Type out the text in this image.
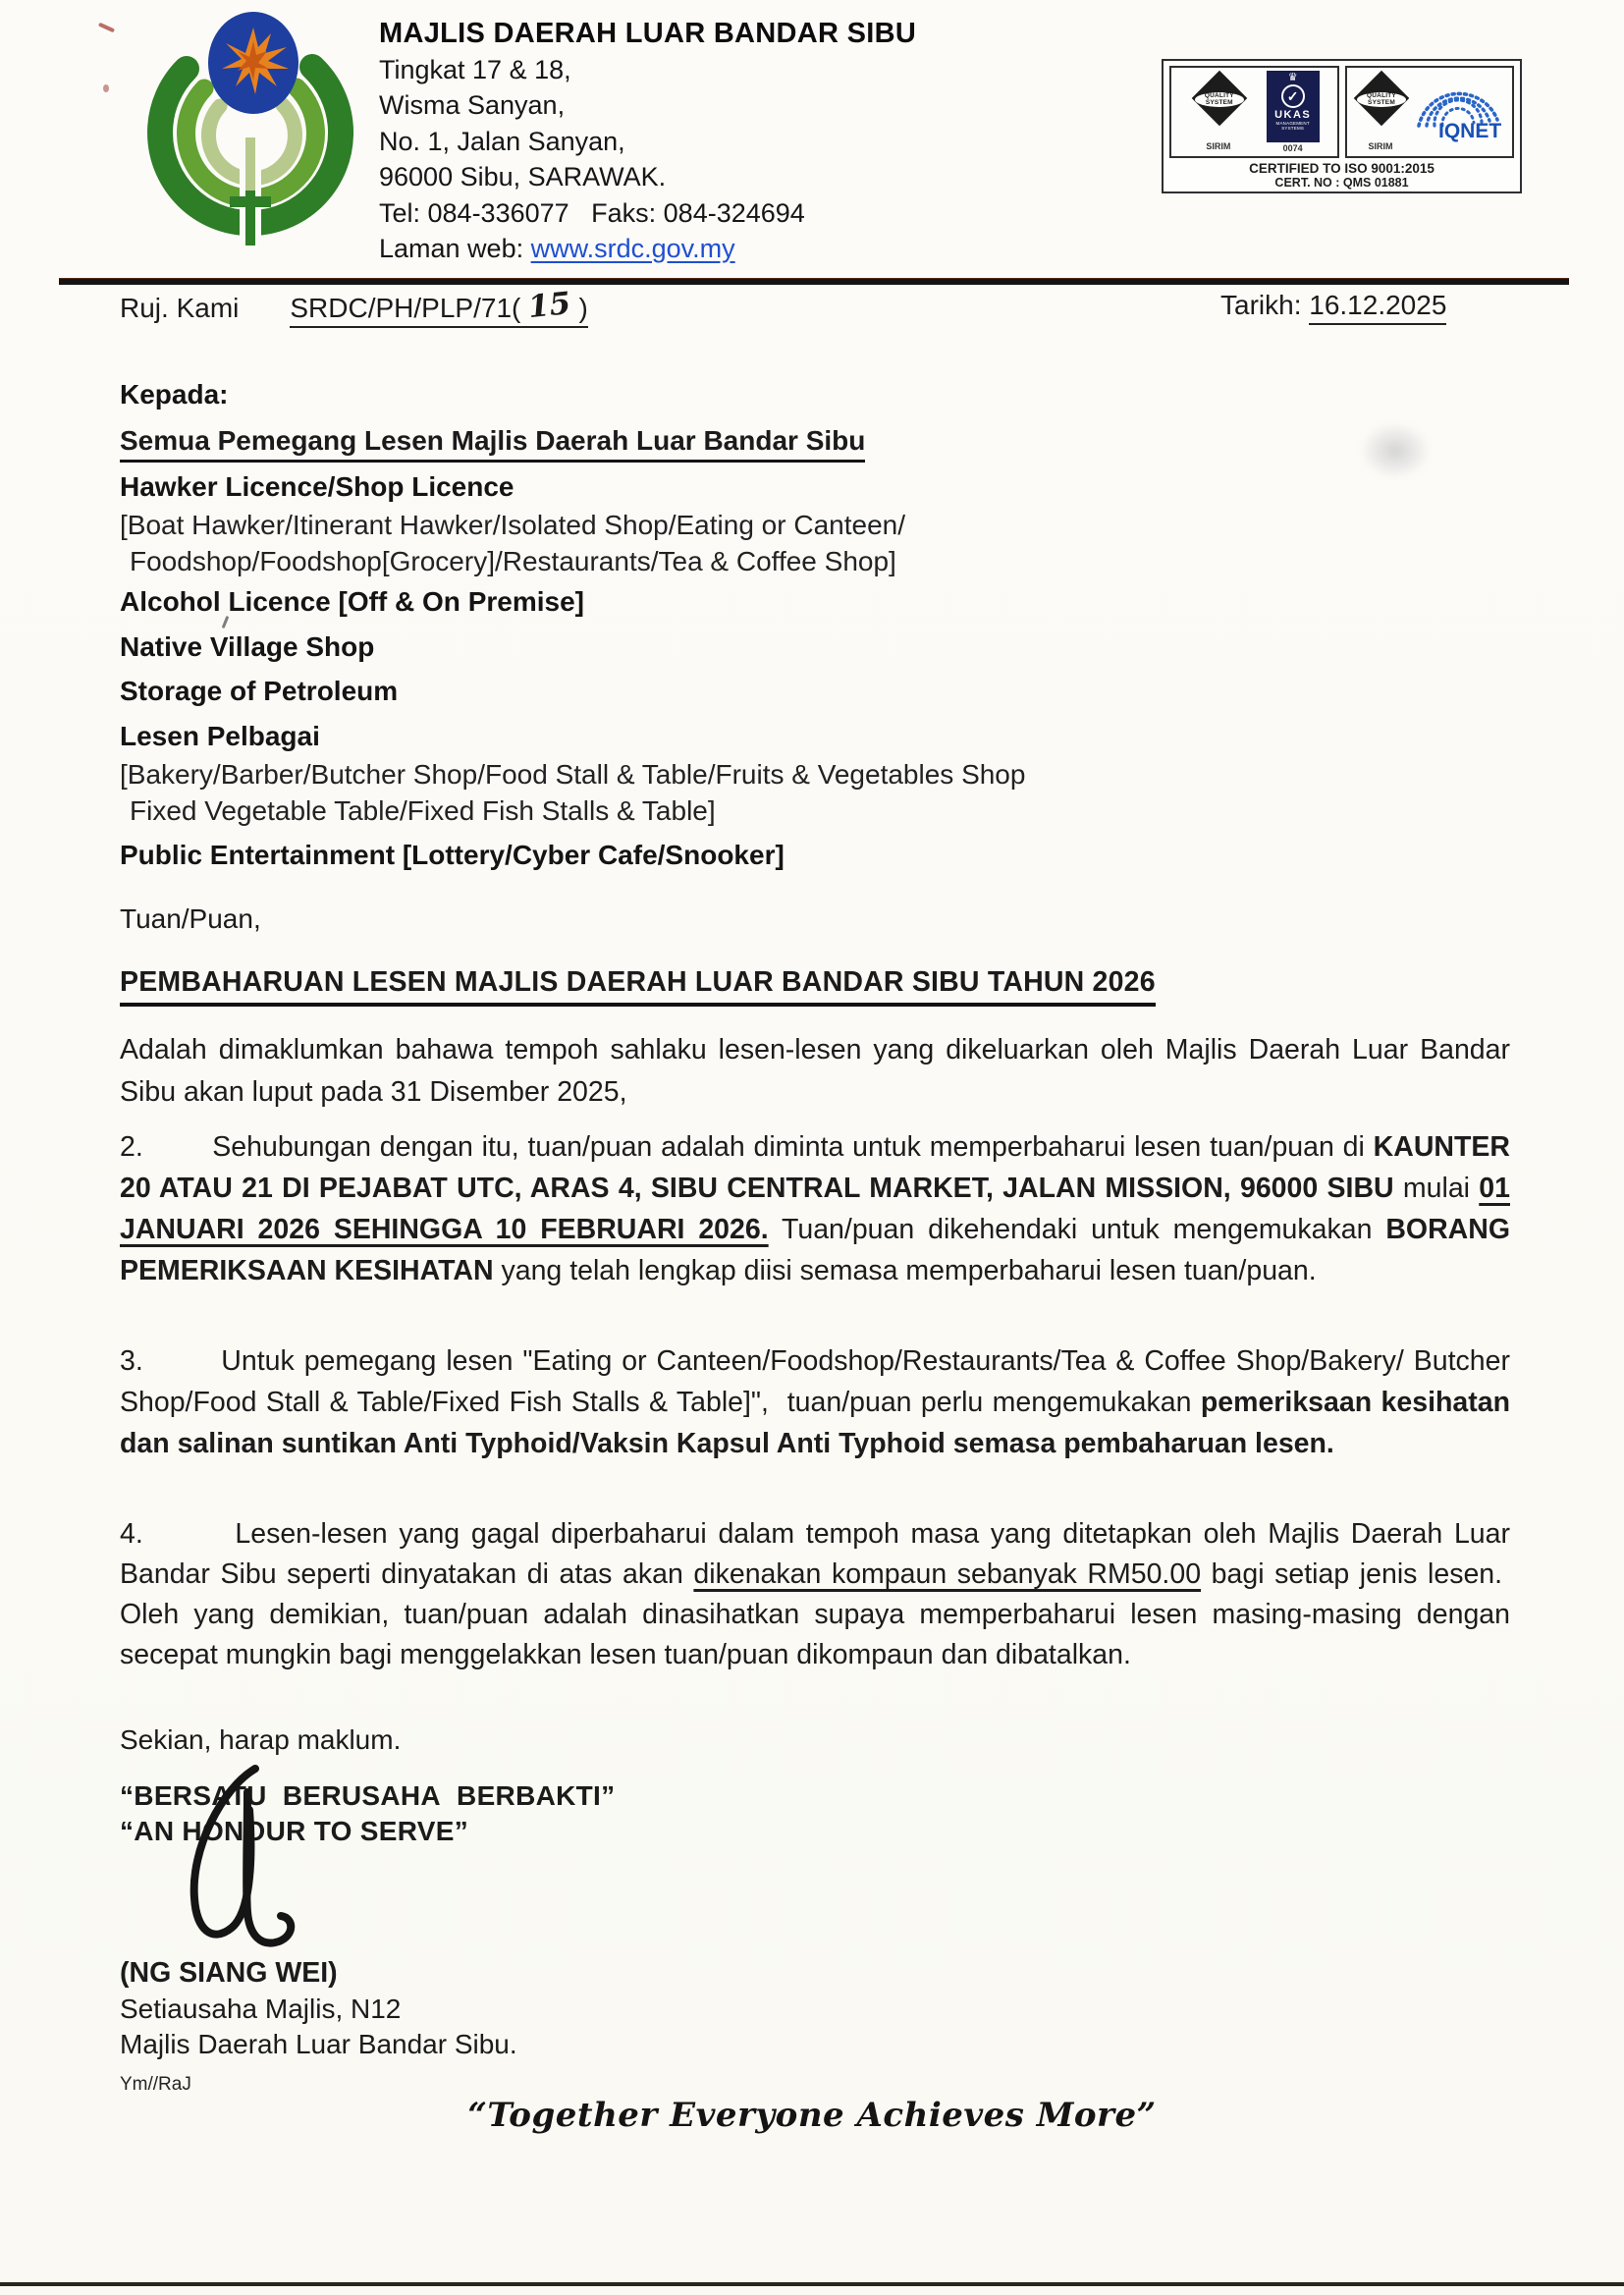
MAJLIS DAERAH LUAR BANDAR SIBU
Tingkat 17 & 18,
Wisma Sanyan,
No. 1, Jalan Sanyan,
96000 Sibu, SARAWAK.
Tel: 084-336077   Faks: 084-324694
Laman web: www.srdc.gov.my
QUALITY
SYSTEM
SIRIM
♛
✓
UKAS
MANAGEMENT SYSTEMS
0074
QUALITY
SYSTEM
SIRIM
IQNET
CERTIFIED TO ISO 9001:2015
CERT. NO : QMS 01881
Ruj. Kami SRDC/PH/PLP/71( 15 )	Tarikh: 16.12.2025
Kepada:
Semua Pemegang Lesen Majlis Daerah Luar Bandar Sibu
Hawker Licence/Shop Licence
[Boat Hawker/Itinerant Hawker/Isolated Shop/Eating or Canteen/
Foodshop/Foodshop[Grocery]/Restaurants/Tea & Coffee Shop]
Alcohol Licence [Off & On Premise]
Native Village Shop
Storage of Petroleum
Lesen Pelbagai
[Bakery/Barber/Butcher Shop/Food Stall & Table/Fruits & Vegetables Shop
Fixed Vegetable Table/Fixed Fish Stalls & Table]
Public Entertainment [Lottery/Cyber Cafe/Snooker]
Tuan/Puan,
PEMBAHARUAN LESEN MAJLIS DAERAH LUAR BANDAR SIBU TAHUN 2026
Adalah dimaklumkan bahawa tempoh sahlaku lesen-lesen yang dikeluarkan oleh Majlis Daerah Luar Bandar Sibu akan luput pada 31 Disember 2025,
2.        Sehubungan dengan itu, tuan/puan adalah diminta untuk memperbaharui lesen tuan/puan di KAUNTER 20 ATAU 21 DI PEJABAT UTC, ARAS 4, SIBU CENTRAL MARKET, JALAN MISSION, 96000 SIBU mulai 01 JANUARI 2026 SEHINGGA 10 FEBRUARI 2026. Tuan/puan dikehendaki untuk mengemukakan BORANG PEMERIKSAAN KESIHATAN yang telah lengkap diisi semasa memperbaharui lesen tuan/puan.
3.        Untuk pemegang lesen "Eating or Canteen/Foodshop/Restaurants/Tea & Coffee Shop/Bakery/ Butcher Shop/Food Stall & Table/Fixed Fish Stalls & Table]",  tuan/puan perlu mengemukakan pemeriksaan kesihatan dan salinan suntikan Anti Typhoid/Vaksin Kapsul Anti Typhoid semasa pembaharuan lesen.
4.        Lesen-lesen yang gagal diperbaharui dalam tempoh masa yang ditetapkan oleh Majlis Daerah Luar Bandar Sibu seperti dinyatakan di atas akan dikenakan kompaun sebanyak RM50.00 bagi setiap jenis lesen.  Oleh yang demikian, tuan/puan adalah dinasihatkan supaya memperbaharui lesen masing-masing dengan secepat mungkin bagi menggelakkan lesen tuan/puan dikompaun dan dibatalkan.
Sekian, harap maklum.
“BERSATU  BERUSAHA  BERBAKTI”
“AN HONOUR TO SERVE”
(NG SIANG WEI)
Setiausaha Majlis, N12
Majlis Daerah Luar Bandar Sibu.
Ym//RaJ
“Together Everyone Achieves More”
